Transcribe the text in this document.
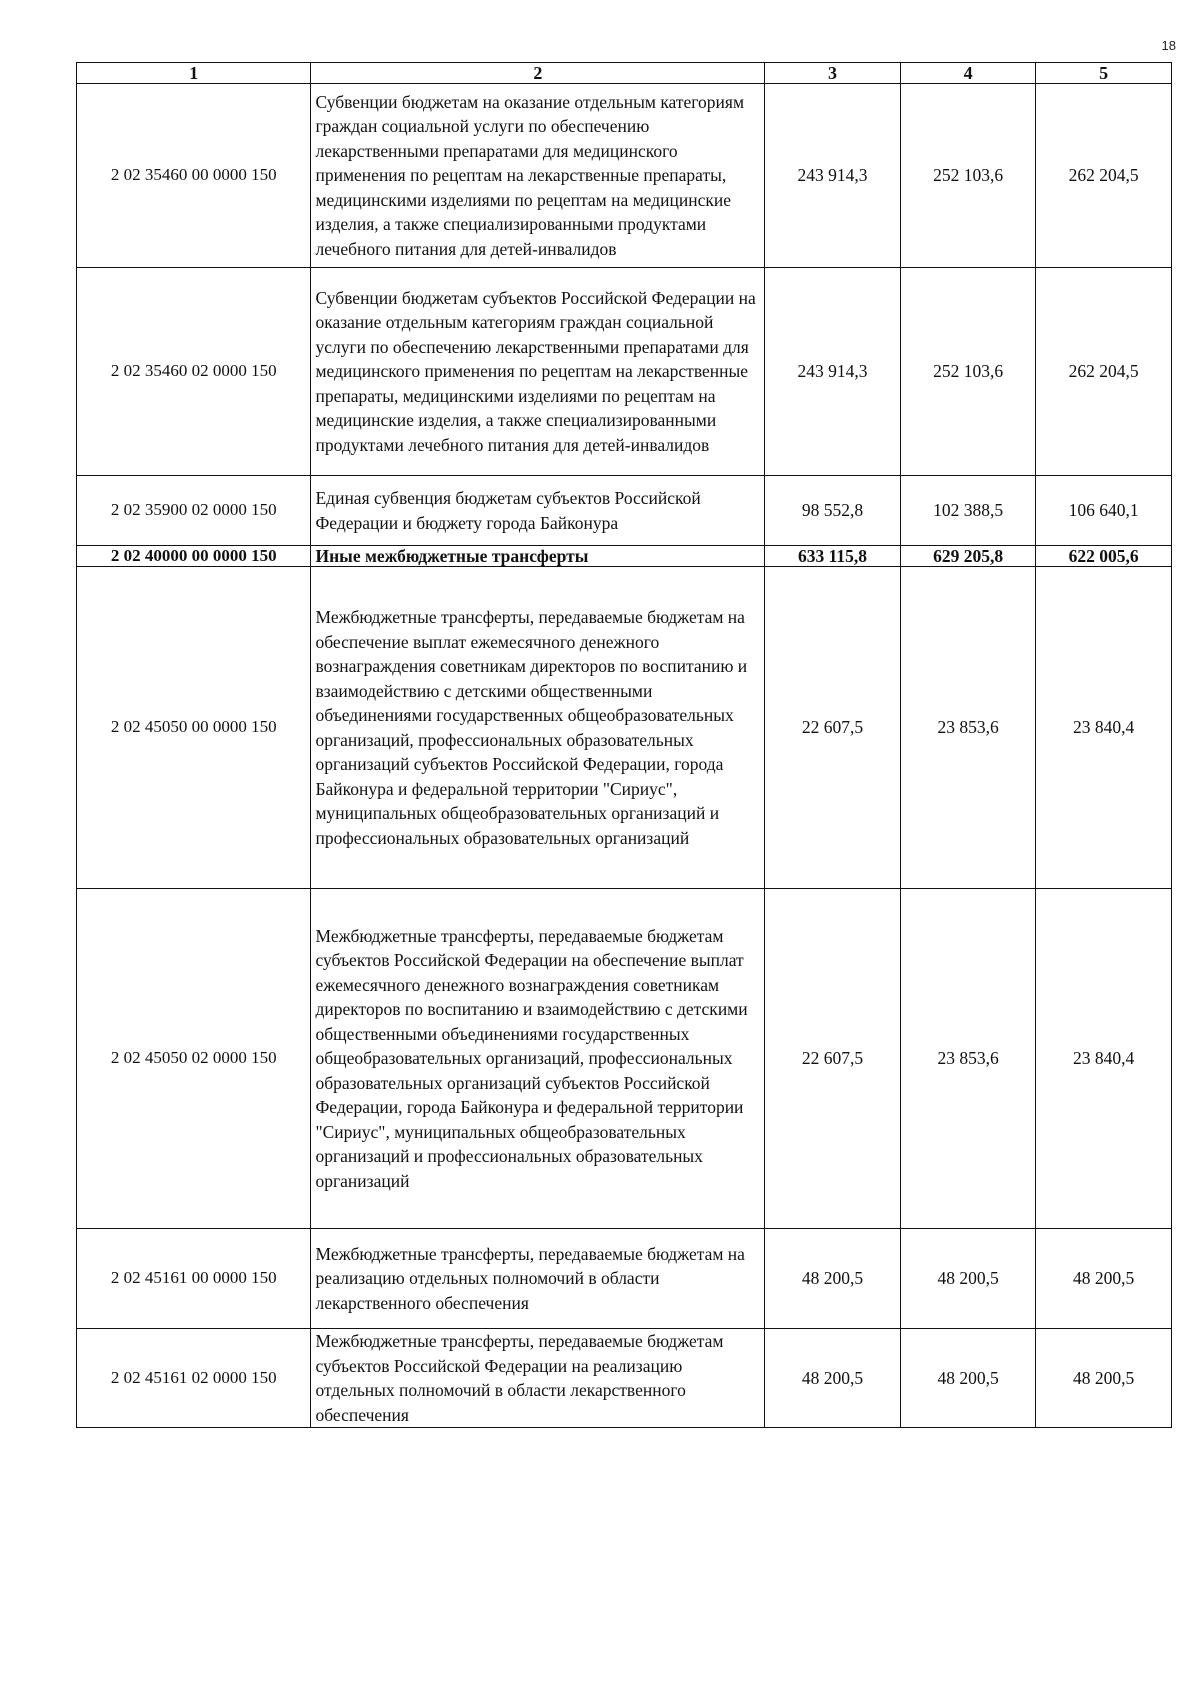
18
1	2	3	4	5
2 02 35460 00 0000 150	Субвенции бюджетам на оказание отдельным категориям граждан социальной услуги по обеспечению лекарственными препаратами для медицинского применения по рецептам на лекарственные препараты, медицинскими изделиями по рецептам на медицинские изделия, а также специализированными продуктами лечебного питания для детей-инвалидов	243 914,3	252 103,6	262 204,5
2 02 35460 02 0000 150	Субвенции бюджетам субъектов Российской Федерации на оказание отдельным категориям граждан социальной услуги по обеспечению лекарственными препаратами для медицинского применения по рецептам на лекарственные препараты, медицинскими изделиями по рецептам на медицинские изделия, а также специализированными продуктами лечебного питания для детей-инвалидов	243 914,3	252 103,6	262 204,5
2 02 35900 02 0000 150	Единая субвенция бюджетам субъектов Российской Федерации и бюджету города Байконура	98 552,8	102 388,5	106 640,1
2 02 40000 00 0000 150	Иные межбюджетные трансферты	633 115,8	629 205,8	622 005,6
2 02 45050 00 0000 150	Межбюджетные трансферты, передаваемые бюджетам на обеспечение выплат ежемесячного денежного вознаграждения советникам директоров по воспитанию и взаимодействию с детскими общественными объединениями государственных общеобразовательных организаций, профессиональных образовательных организаций субъектов Российской Федерации, города Байконура и федеральной территории "Сириус", муниципальных общеобразовательных организаций и профессиональных образовательных организаций	22 607,5	23 853,6	23 840,4
2 02 45050 02 0000 150	Межбюджетные трансферты, передаваемые бюджетам субъектов Российской Федерации на обеспечение выплат ежемесячного денежного вознаграждения советникам директоров по воспитанию и взаимодействию с детскими общественными объединениями государственных общеобразовательных организаций, профессиональных образовательных организаций субъектов Российской Федерации, города Байконура и федеральной территории "Сириус", муниципальных общеобразовательных организаций и профессиональных образовательных организаций	22 607,5	23 853,6	23 840,4
2 02 45161 00 0000 150	Межбюджетные трансферты, передаваемые бюджетам на реализацию отдельных полномочий в области лекарственного обеспечения	48 200,5	48 200,5	48 200,5
2 02 45161 02 0000 150	Межбюджетные трансферты, передаваемые бюджетам субъектов Российской Федерации на реализацию отдельных полномочий в области лекарственного обеспечения	48 200,5	48 200,5	48 200,5
